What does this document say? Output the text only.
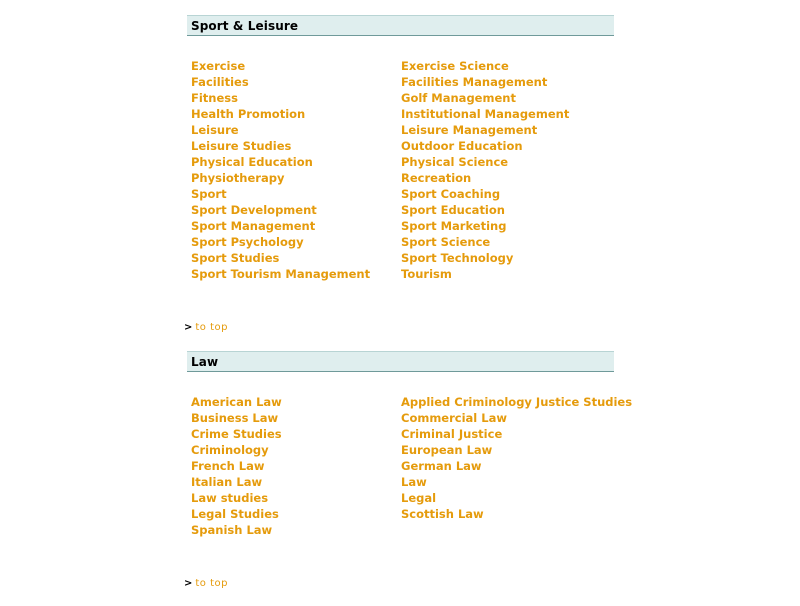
Sport & Leisure
Exercise
Facilities
Fitness
Health Promotion
Leisure
Leisure Studies
Physical Education
Physiotherapy
Sport
Sport Development
Sport Management
Sport Psychology
Sport Studies
Sport Tourism Management
Exercise Science
Facilities Management
Golf Management
Institutional Management
Leisure Management
Outdoor Education
Physical Science
Recreation
Sport Coaching
Sport Education
Sport Marketing
Sport Science
Sport Technology
Tourism
> to top
Law
American Law
Business Law
Crime Studies
Criminology
French Law
Italian Law
Law studies
Legal Studies
Spanish Law
Applied Criminology Justice Studies
Commercial Law
Criminal Justice
European Law
German Law
Law
Legal
Scottish Law
> to top
